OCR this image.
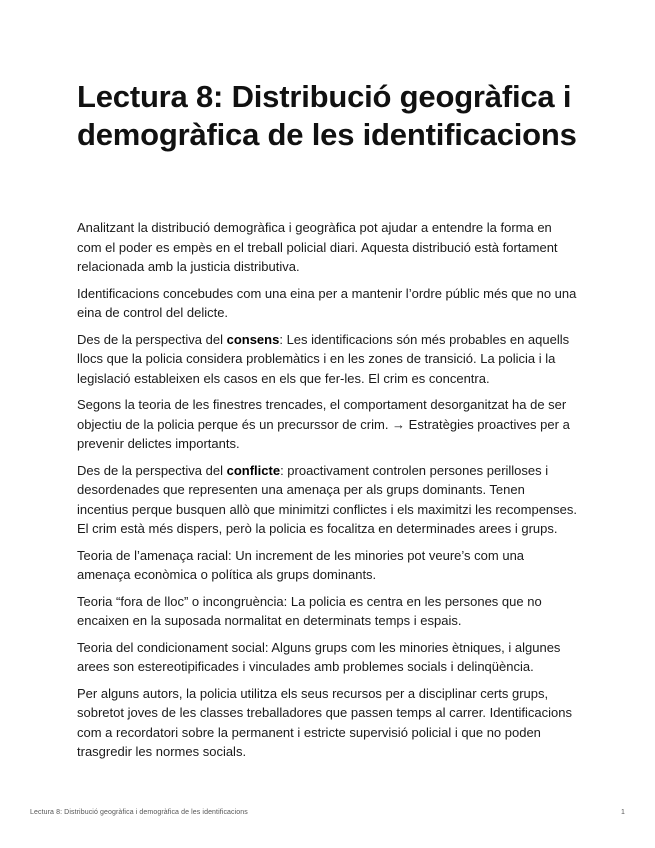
Lectura 8: Distribució geogràfica i demogràfica de les identificacions

Analitzant la distribució demogràfica i geogràfica pot ajudar a entendre la forma en com el poder es empès en el treball policial diari. Aquesta distribució està fortament relacionada amb la justicia distributiva.

Identificacions concebudes com una eina per a mantenir l’ordre públic més que no una eina de control del delicte.

Des de la perspectiva del consens: Les identificacions són més probables en aquells llocs que la policia considera problemàtics i en les zones de transició. La policia i la legislació estableixen els casos en els que fer-les. El crim es concentra.

Segons la teoria de les finestres trencades, el comportament desorganitzat ha de ser objectiu de la policia perque és un precurssor de crim. → Estratègies proactives per a prevenir delictes importants.

Des de la perspectiva del conflicte: proactivament controlen persones perilloses i desordenades que representen una amenaça per als grups dominants. Tenen incentius perque busquen allò que minimitzi conflictes i els maximitzi les recompenses. El crim està més dispers, però la policia es focalitza en determinades arees i grups.

Teoria de l’amenaça racial: Un increment de les minories pot veure’s com una amenaça econòmica o política als grups dominants.

Teoria “fora de lloc” o incongruència: La policia es centra en les persones que no encaixen en la suposada normalitat en determinats temps i espais.

Teoria del condicionament social: Alguns grups com les minories ètniques, i algunes arees son estereotipificades i vinculades amb problemes socials i delinqüència.

Per alguns autors, la policia utilitza els seus recursos per a disciplinar certs grups, sobretot joves de les classes treballadores que passen temps al carrer. Identificacions com a recordatori sobre la permanent i estricte supervisió policial i que no poden trasgredir les normes socials.

Lectura 8: Distribució geogràfica i demogràfica de les identificacions	1
